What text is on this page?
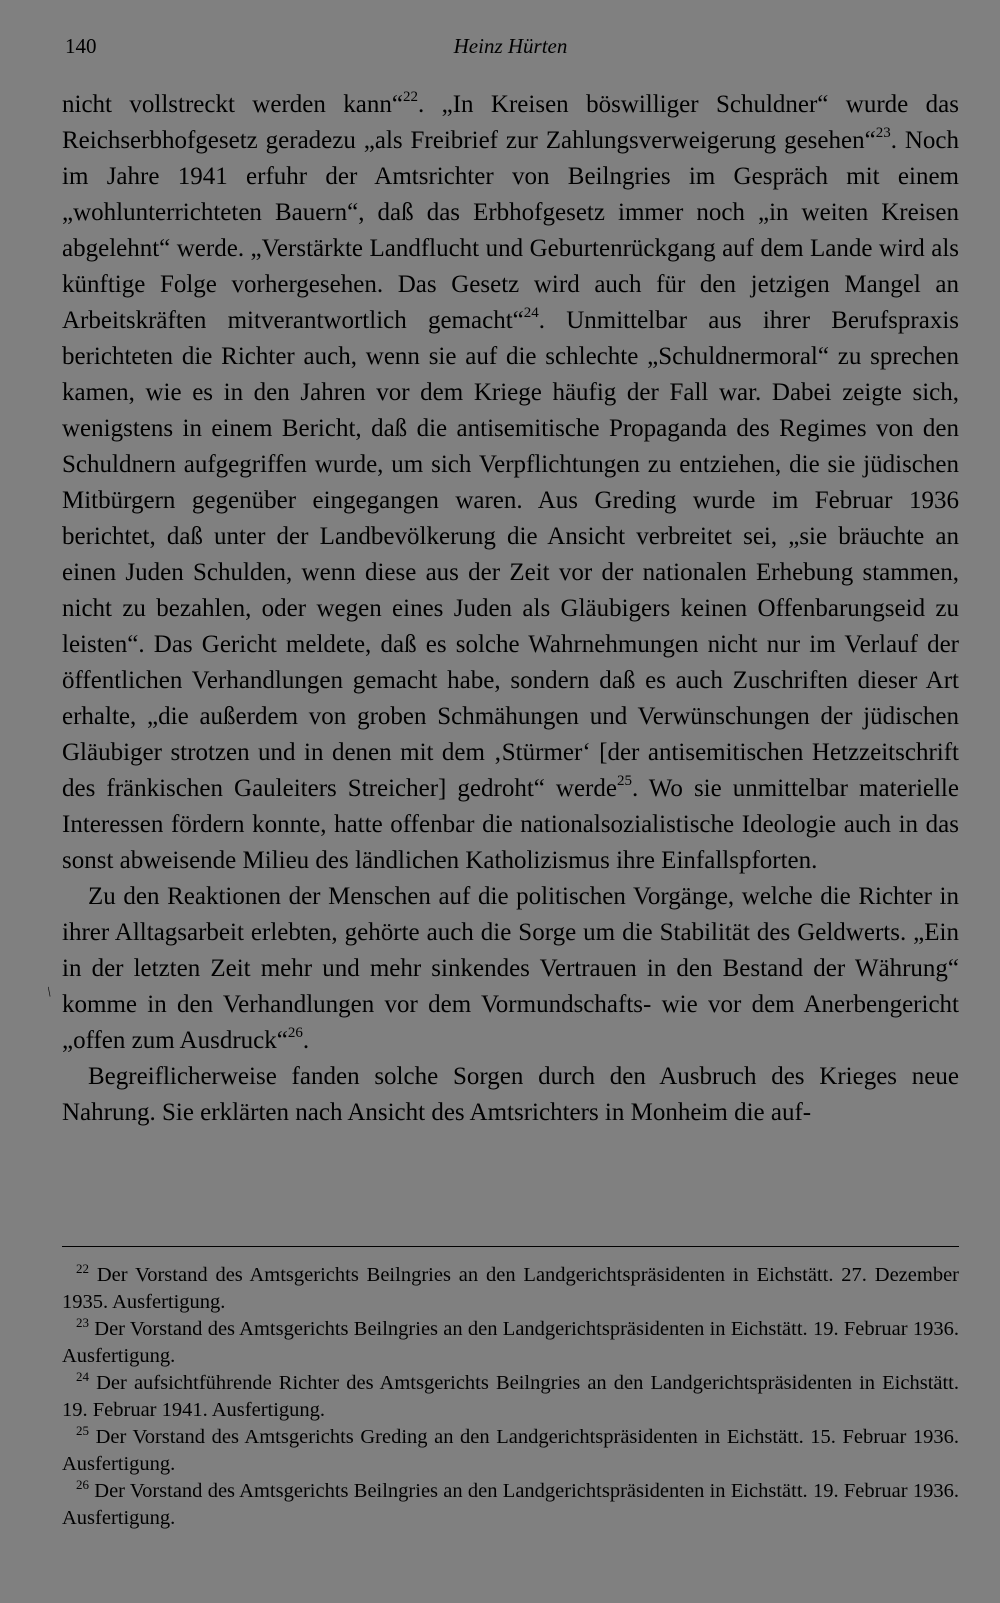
140	Heinz Hürten

nicht vollstreckt werden kann“$^{22}$. „In Kreisen böswilliger Schuldner“ wurde das Reichserbhofgesetz geradezu „als Freibrief zur Zahlungsverweigerung gesehen“$^{23}$. Noch im Jahre 1941 erfuhr der Amtsrichter von Beilngries im Gespräch mit einem „wohlunterrichteten Bauern“, daß das Erbhofgesetz immer noch „in weiten Kreisen abgelehnt“ werde. „Verstärkte Landflucht und Geburtenrückgang auf dem Lande wird als künftige Folge vorhergesehen. Das Gesetz wird auch für den jetzigen Mangel an Arbeitskräften mitverantwortlich gemacht“$^{24}$. Unmittelbar aus ihrer Berufspraxis berichteten die Richter auch, wenn sie auf die schlechte „Schuldnermoral“ zu sprechen kamen, wie es in den Jahren vor dem Kriege häufig der Fall war. Dabei zeigte sich, wenigstens in einem Bericht, daß die antisemitische Propaganda des Regimes von den Schuldnern aufgegriffen wurde, um sich Verpflichtungen zu entziehen, die sie jüdischen Mitbürgern gegenüber eingegangen waren. Aus Greding wurde im Februar 1936 berichtet, daß unter der Landbevölkerung die Ansicht verbreitet sei, „sie bräuchte an einen Juden Schulden, wenn diese aus der Zeit vor der nationalen Erhebung stammen, nicht zu bezahlen, oder wegen eines Juden als Gläubigers keinen Offenbarungseid zu leisten“. Das Gericht meldete, daß es solche Wahrnehmungen nicht nur im Verlauf der öffentlichen Verhandlungen gemacht habe, sondern daß es auch Zuschriften dieser Art erhalte, „die außerdem von groben Schmähungen und Verwünschungen der jüdischen Gläubiger strotzen und in denen mit dem ‚Stürmer‘ [der antisemitischen Hetzzeitschrift des fränkischen Gauleiters Streicher] gedroht“ werde$^{25}$. Wo sie unmittelbar materielle Interessen fördern konnte, hatte offenbar die nationalsozialistische Ideologie auch in das sonst abweisende Milieu des ländlichen Katholizismus ihre Einfallspforten.

Zu den Reaktionen der Menschen auf die politischen Vorgänge, welche die Richter in ihrer Alltagsarbeit erlebten, gehörte auch die Sorge um die Stabilität des Geldwerts. „Ein in der letzten Zeit mehr und mehr sinkendes Vertrauen in den Bestand der Währung“ komme in den Verhandlungen vor dem Vormundschafts- wie vor dem Anerbengericht „offen zum Ausdruck“$^{26}$.

Begreiflicherweise fanden solche Sorgen durch den Ausbruch des Krieges neue Nahrung. Sie erklärten nach Ansicht des Amtsrichters in Monheim die auf-

/

$^{22}$ Der Vorstand des Amtsgerichts Beilngries an den Landgerichtspräsidenten in Eichstätt. 27. Dezember 1935. Ausfertigung.

$^{23}$ Der Vorstand des Amtsgerichts Beilngries an den Landgerichtspräsidenten in Eichstätt. 19. Februar 1936. Ausfertigung.

$^{24}$ Der aufsichtführende Richter des Amtsgerichts Beilngries an den Landgerichtspräsidenten in Eichstätt. 19. Februar 1941. Ausfertigung.

$^{25}$ Der Vorstand des Amtsgerichts Greding an den Landgerichtspräsidenten in Eichstätt. 15. Februar 1936. Ausfertigung.

$^{26}$ Der Vorstand des Amtsgerichts Beilngries an den Landgerichtspräsidenten in Eichstätt. 19. Februar 1936. Ausfertigung.
